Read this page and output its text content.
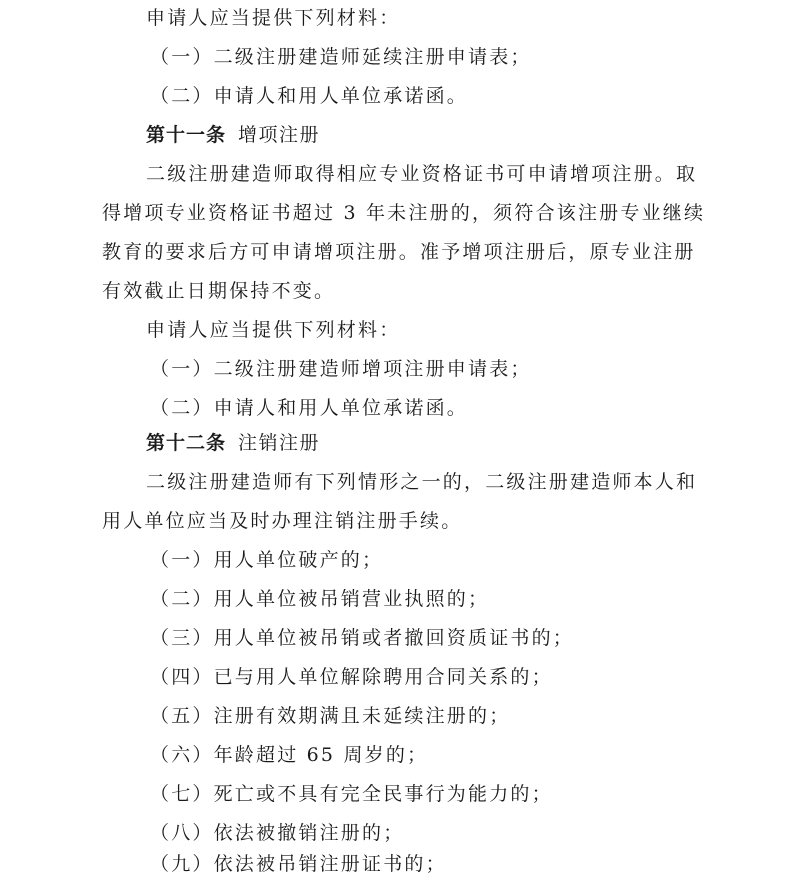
申请人应当提供下列材料：
（一）二级注册建造师延续注册申请表；
（二）申请人和用人单位承诺函。
第十一条 增项注册
二级注册建造师取得相应专业资格证书可申请增项注册。取
得增项专业资格证书超过 3 年未注册的，须符合该注册专业继续
教育的要求后方可申请增项注册。准予增项注册后，原专业注册
有效截止日期保持不变。
申请人应当提供下列材料：
（一）二级注册建造师增项注册申请表；
（二）申请人和用人单位承诺函。
第十二条 注销注册
二级注册建造师有下列情形之一的，二级注册建造师本人和
用人单位应当及时办理注销注册手续。
（一）用人单位破产的；
（二）用人单位被吊销营业执照的；
（三）用人单位被吊销或者撤回资质证书的；
（四）已与用人单位解除聘用合同关系的；
（五）注册有效期满且未延续注册的；
（六）年龄超过 65 周岁的；
（七）死亡或不具有完全民事行为能力的；
（八）依法被撤销注册的；
（九）依法被吊销注册证书的；
